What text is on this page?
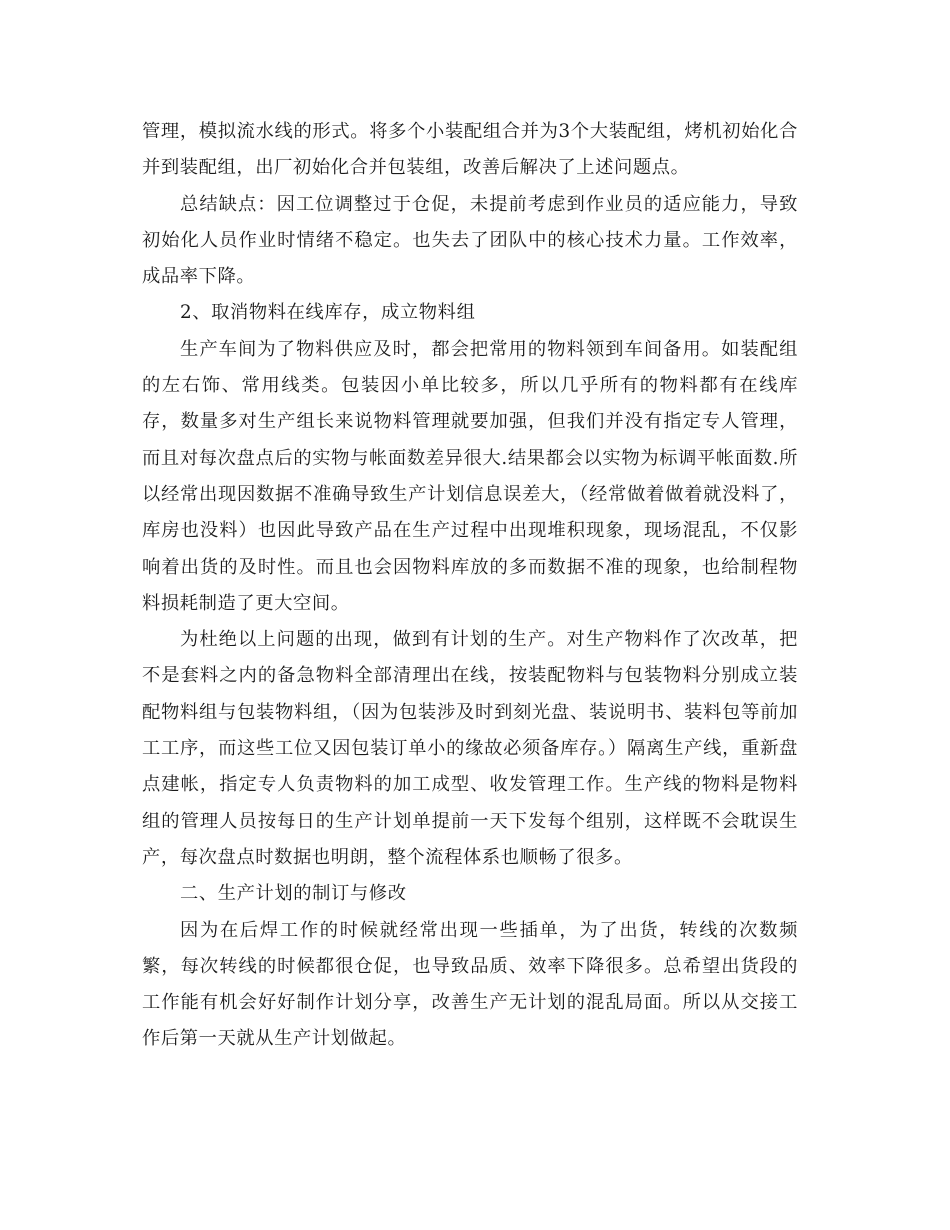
管理，模拟流水线的形式。将多个小装配组合并为3个大装配组，烤机初始化合并到装配组，出厂初始化合并包装组，改善后解决了上述问题点。

总结缺点：因工位调整过于仓促，未提前考虑到作业员的适应能力，导致初始化人员作业时情绪不稳定。也失去了团队中的核心技术力量。工作效率，成品率下降。

2、取消物料在线库存，成立物料组

生产车间为了物料供应及时，都会把常用的物料领到车间备用。如装配组的左右饰、常用线类。包装因小单比较多，所以几乎所有的物料都有在线库存，数量多对生产组长来说物料管理就要加强，但我们并没有指定专人管理，而且对每次盘点后的实物与帐面数差异很大.结果都会以实物为标调平帐面数.所以经常出现因数据不准确导致生产计划信息误差大，（经常做着做着就没料了，库房也没料）也因此导致产品在生产过程中出现堆积现象，现场混乱，不仅影响着出货的及时性。而且也会因物料库放的多而数据不准的现象，也给制程物料损耗制造了更大空间。

为杜绝以上问题的出现，做到有计划的生产。对生产物料作了次改革，把不是套料之内的备急物料全部清理出在线，按装配物料与包装物料分别成立装配物料组与包装物料组，（因为包装涉及时到刻光盘、装说明书、装料包等前加工工序，而这些工位又因包装订单小的缘故必须备库存。）隔离生产线，重新盘点建帐，指定专人负责物料的加工成型、收发管理工作。生产线的物料是物料组的管理人员按每日的生产计划单提前一天下发每个组别，这样既不会耽误生产，每次盘点时数据也明朗，整个流程体系也顺畅了很多。

二、生产计划的制订与修改

因为在后焊工作的时候就经常出现一些插单，为了出货，转线的次数频繁，每次转线的时候都很仓促，也导致品质、效率下降很多。总希望出货段的工作能有机会好好制作计划分享，改善生产无计划的混乱局面。所以从交接工作后第一天就从生产计划做起。
